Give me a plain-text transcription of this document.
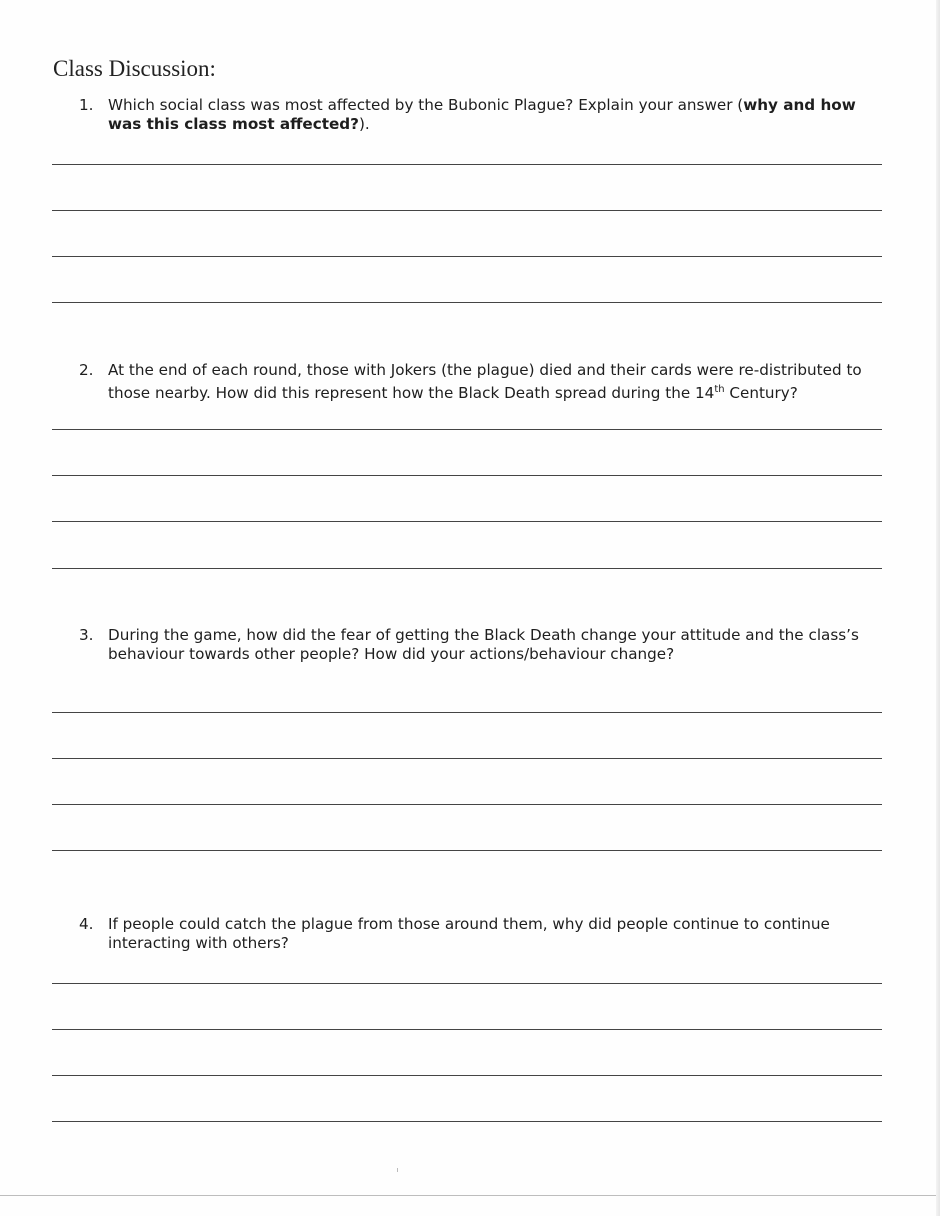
Class Discussion:
1. Which social class was most affected by the Bubonic Plague? Explain your answer (why and how was this class most affected?).
2. At the end of each round, those with Jokers (the plague) died and their cards were re-distributed to those nearby. How did this represent how the Black Death spread during the 14th Century?
3. During the game, how did the fear of getting the Black Death change your attitude and the class’s behaviour towards other people? How did your actions/behaviour change?
4. If people could catch the plague from those around them, why did people continue to continue interacting with others?
